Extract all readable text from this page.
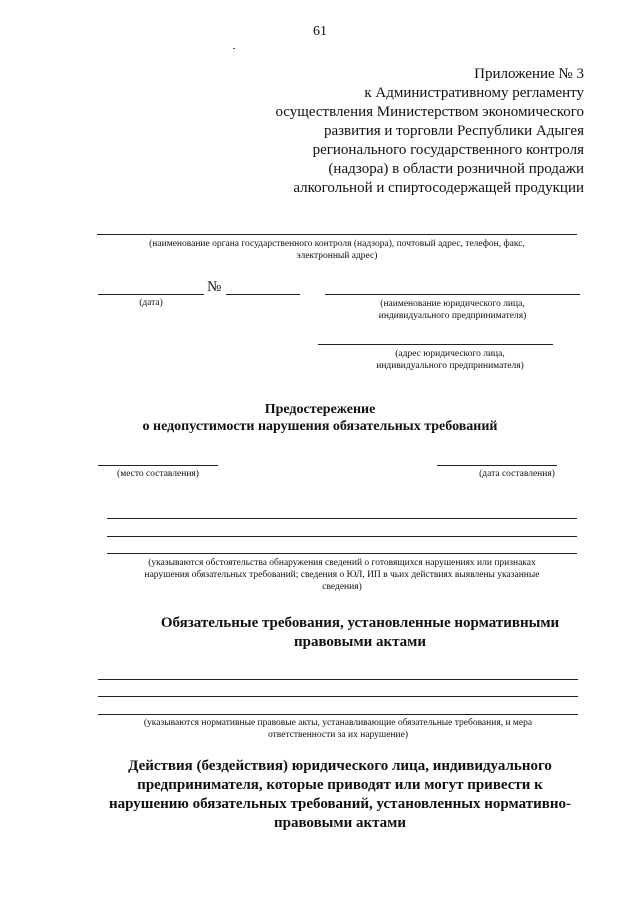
61
Приложение № 3
к Административному регламенту
осуществления Министерством экономического
развития и торговли Республики Адыгея
регионального государственного контроля
(надзора) в области розничной продажи
алкогольной и спиртосодержащей продукции
(наименование органа государственного контроля (надзора), почтовый адрес, телефон, факс,
электронный адрес)
№
(дата)	(наименование юридического лица,
индивидуального предпринимателя)
(адрес юридического лица,
индивидуального предпринимателя)
Предостережение
о недопустимости нарушения обязательных требований
(место составления)	(дата составления)
(указываются обстоятельства обнаружения сведений о готовящихся нарушениях или признаках
нарушения обязательных требований; сведения о ЮЛ, ИП в чьих действиях выявлены указанные
сведения)
Обязательные требования, установленные нормативными
правовыми актами
(указываются нормативные правовые акты, устанавливающие обязательные требования, и мера
ответственности за их нарушение)
Действия (бездействия) юридического лица, индивидуального
предпринимателя, которые приводят или могут привести к
нарушению обязательных требований, установленных нормативно-
правовыми актами
